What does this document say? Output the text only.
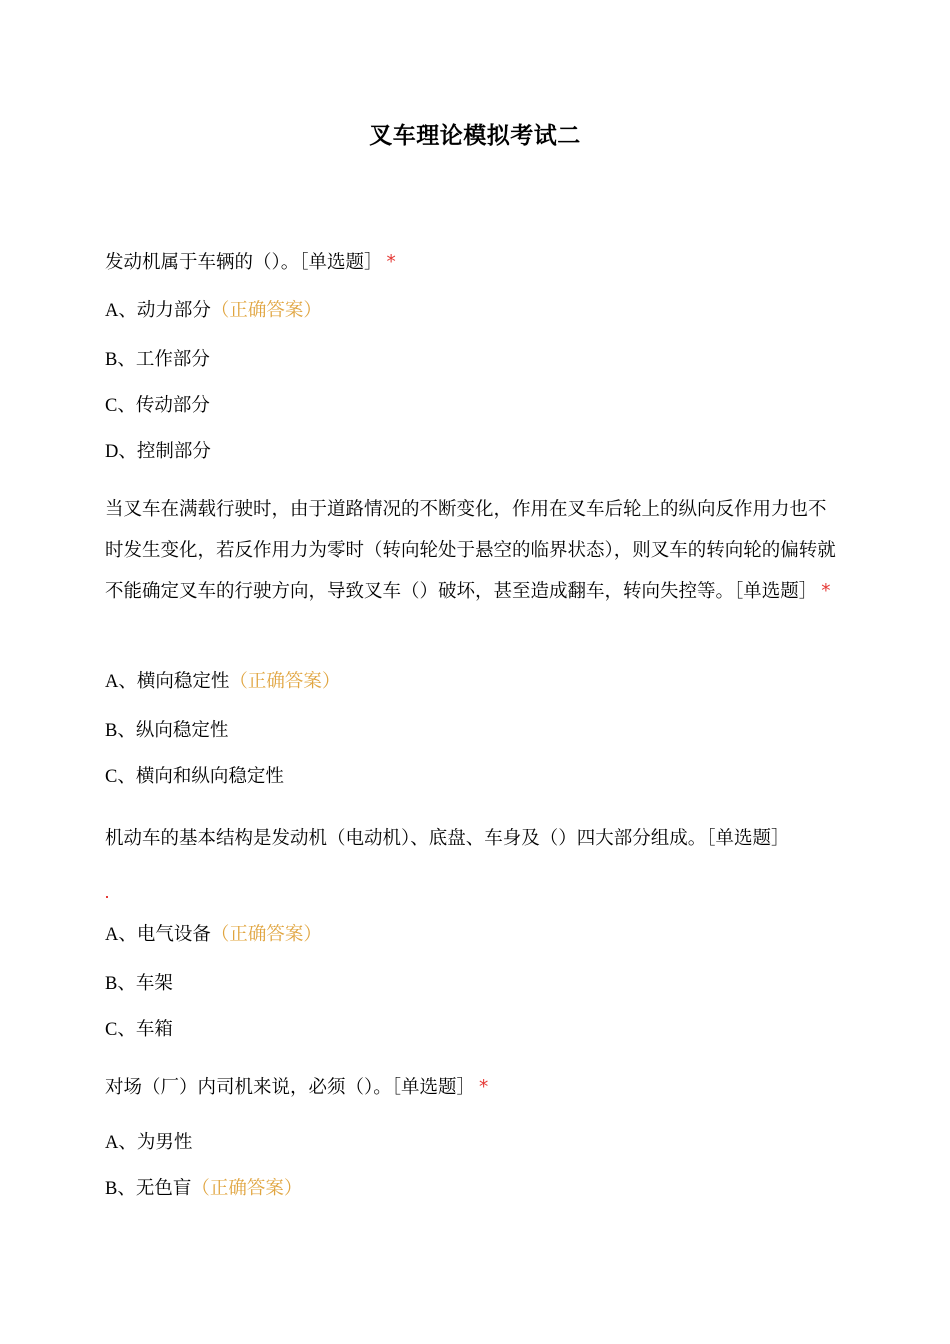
叉车理论模拟考试二
发动机属于车辆的（）。［单选题］ *
A、动力部分（正确答案）
B、工作部分
C、传动部分
D、控制部分
当叉车在满载行驶时，由于道路情况的不断变化，作用在叉车后轮上的纵向反作用力也不时发生变化，若反作用力为零时（转向轮处于悬空的临界状态），则叉车的转向轮的偏转就不能确定叉车的行驶方向，导致叉车（）破坏，甚至造成翻车，转向失控等。［单选题］ *
A、横向稳定性（正确答案）
B、纵向稳定性
C、横向和纵向稳定性
机动车的基本结构是发动机（电动机）、底盘、车身及（）四大部分组成。［单选题］
A、电气设备（正确答案）
B、车架
C、车箱
对场（厂）内司机来说，必须（）。［单选题］ *
A、为男性
B、无色盲（正确答案）
